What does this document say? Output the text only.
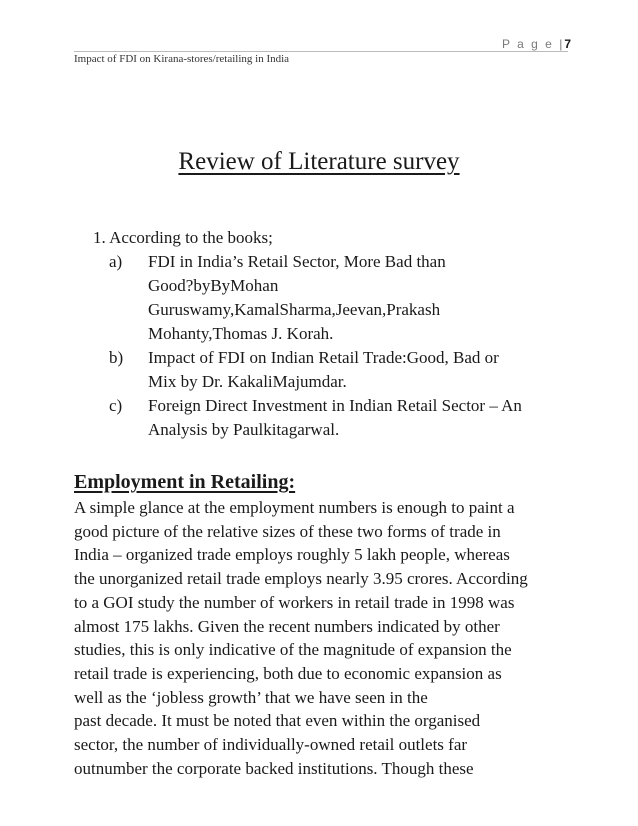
P a g e |7
Impact of FDI on Kirana-stores/retailing in India
Review of Literature survey
1. According to the books;
a)	FDI in India’s Retail Sector, More Bad than
Good?byByMohan
Guruswamy,KamalSharma,Jeevan,Prakash
Mohanty,Thomas J. Korah.
b)	Impact of FDI on Indian Retail Trade:Good, Bad or
Mix by Dr. KakaliMajumdar.
c)	Foreign Direct Investment in Indian Retail Sector – An
Analysis by Paulkitagarwal.
Employment in Retailing:
A simple glance at the employment numbers is enough to paint a
good picture of the relative sizes of these two forms of trade in
India – organized trade employs roughly 5 lakh people, whereas
the unorganized retail trade employs nearly 3.95 crores. According
to a GOI study the number of workers in retail trade in 1998 was
almost 175 lakhs. Given the recent numbers indicated by other
studies, this is only indicative of the magnitude of expansion the
retail trade is experiencing, both due to economic expansion as
well as the ‘jobless growth’ that we have seen in the
past decade. It must be noted that even within the organised
sector, the number of individually-owned retail outlets far
outnumber the corporate backed institutions. Though these
